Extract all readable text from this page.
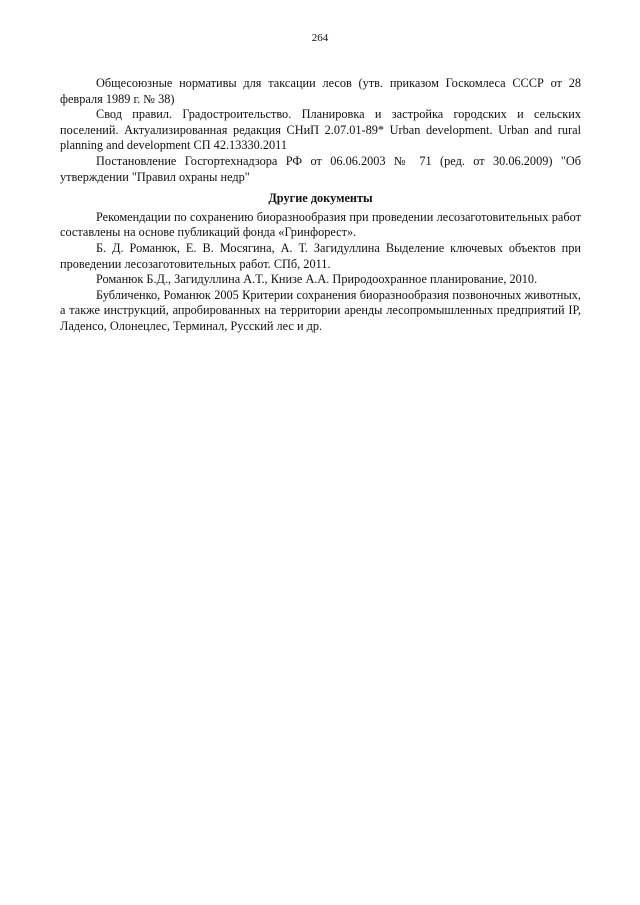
264

Общесоюзные нормативы для таксации лесов (утв. приказом Госкомлеса СССР от 28 февраля 1989 г. № 38)

Свод правил. Градостроительство. Планировка и застройка городских и сельских поселений. Актуализированная редакция СНиП 2.07.01-89* Urban development. Urban and rural planning and development СП 42.13330.2011

Постановление Госгортехнадзора РФ от 06.06.2003 № 71 (ред. от 30.06.2009) "Об утверждении "Правил охраны недр"

Другие документы

Рекомендации по сохранению биоразнообразия при проведении лесозаготовительных работ составлены на основе публикаций фонда «Гринфорест».

Б. Д. Романюк, Е. В. Мосягина, А. Т. Загидуллина Выделение ключевых объектов при проведении лесозаготовительных работ. СПб, 2011.

Романюк Б.Д., Загидуллина А.Т., Книзе А.А. Природоохранное планирование, 2010.

Бубличенко, Романюк 2005 Критерии сохранения биоразнообразия позвоночных животных, а также инструкций, апробированных на территории аренды лесопромышленных предприятий IP, Ладенсо, Олонецлес, Терминал, Русский лес и др.
